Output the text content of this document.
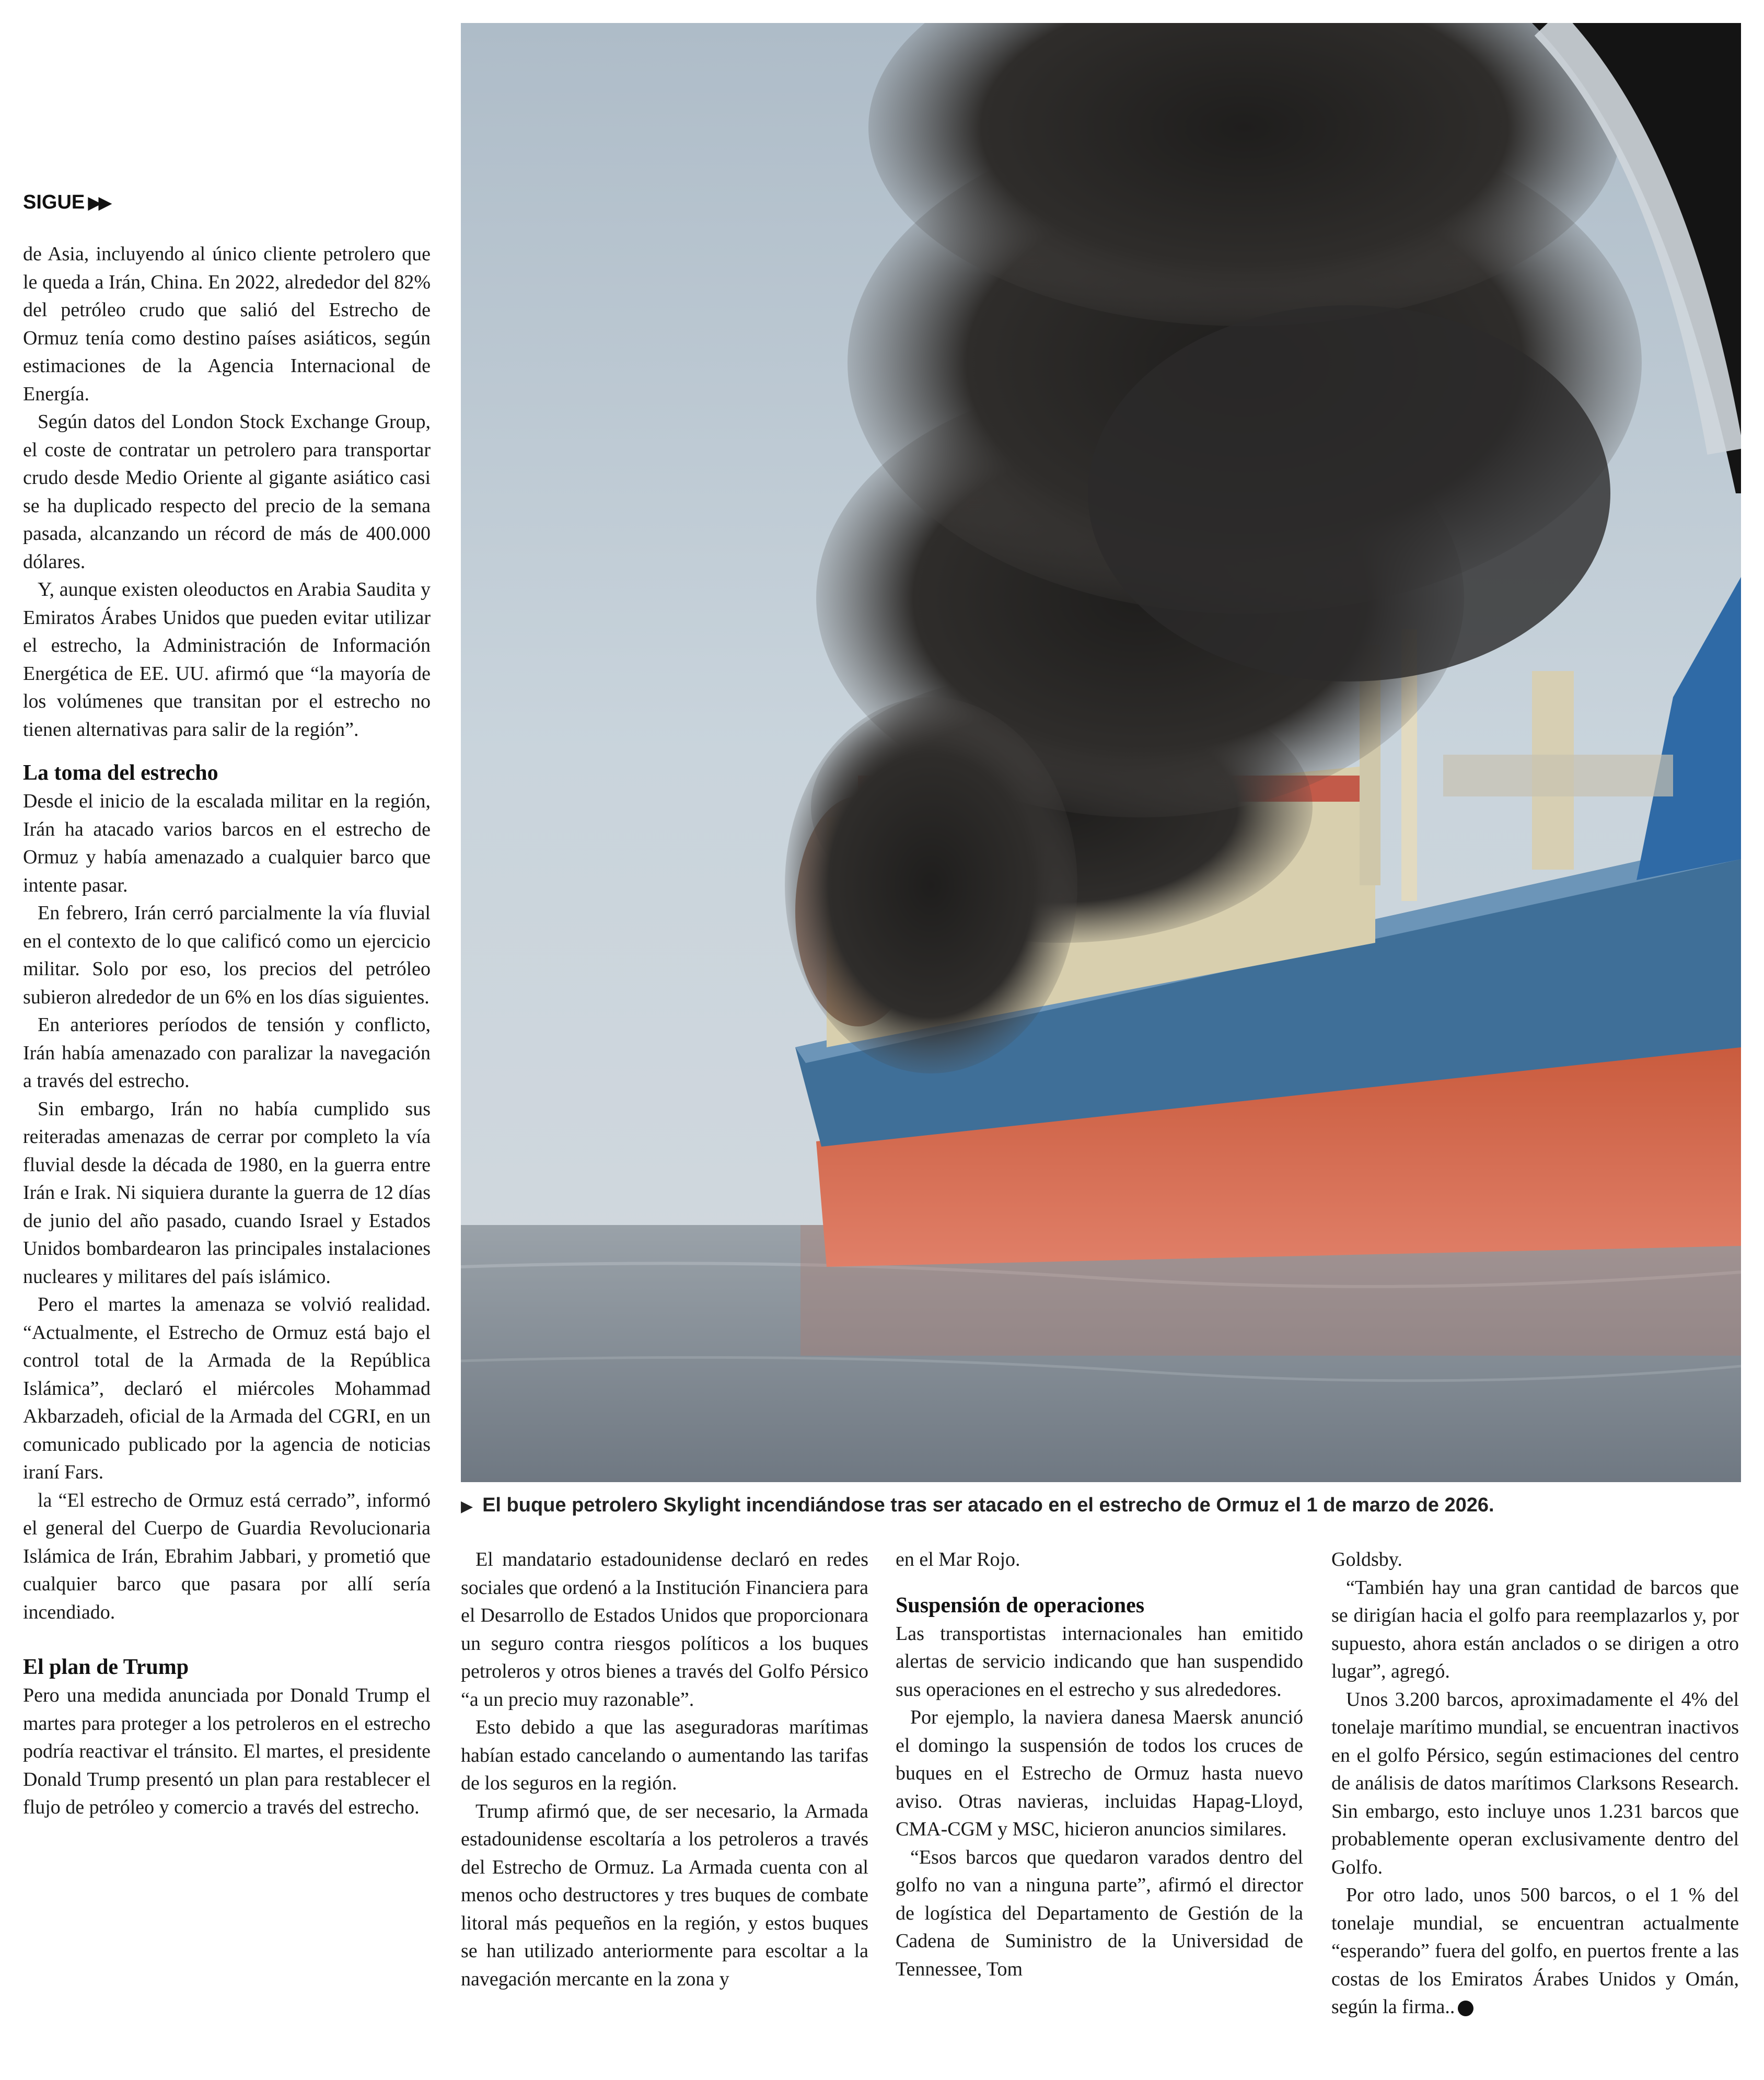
SIGUE ▶▶

de Asia, incluyendo al único cliente petrolero que le queda a Irán, China. En 2022, alrededor del 82% del petróleo crudo que salió del Estrecho de Ormuz tenía como destino países asiáticos, según estimaciones de la Agencia Internacional de Energía.

Según datos del London Stock Exchange Group, el coste de contratar un petrolero para transportar crudo desde Medio Oriente al gigante asiático casi se ha duplicado respecto del precio de la semana pasada, alcanzando un récord de más de 400.000 dólares.

Y, aunque existen oleoductos en Arabia Saudita y Emiratos Árabes Unidos que pueden evitar utilizar el estrecho, la Administración de Información Energética de EE. UU. afirmó que “la mayoría de los volúmenes que transitan por el estrecho no tienen alternativas para salir de la región”.

La toma del estrecho

Desde el inicio de la escalada militar en la región, Irán ha atacado varios barcos en el estrecho de Ormuz y había amenazado a cualquier barco que intente pasar.

En febrero, Irán cerró parcialmente la vía fluvial en el contexto de lo que calificó como un ejercicio militar. Solo por eso, los precios del petróleo subieron alrededor de un 6% en los días siguientes.

En anteriores períodos de tensión y conflicto, Irán había amenazado con paralizar la navegación a través del estrecho.

Sin embargo, Irán no había cumplido sus reiteradas amenazas de cerrar por completo la vía fluvial desde la década de 1980, en la guerra entre Irán e Irak. Ni siquiera durante la guerra de 12 días de junio del año pasado, cuando Israel y Estados Unidos bombardearon las principales instalaciones nucleares y militares del país islámico.

Pero el martes la amenaza se volvió realidad. “Actualmente, el Estrecho de Ormuz está bajo el control total de la Armada de la República Islámica”, declaró el miércoles Mohammad Akbarzadeh, oficial de la Armada del CGRI, en un comunicado publicado por la agencia de noticias iraní Fars.

la “El estrecho de Ormuz está cerrado”, informó el general del Cuerpo de Guardia Revolucionaria Islámica de Irán, Ebrahim Jabbari, y prometió que cualquier barco que pasara por allí sería incendiado.

El plan de Trump

Pero una medida anunciada por Donald Trump el martes para proteger a los petroleros en el estrecho podría reactivar el tránsito. El martes, el presidente Donald Trump presentó un plan para restablecer el flujo de petróleo y comercio a través del estrecho.

▶ El buque petrolero Skylight incendiándose tras ser atacado en el estrecho de Ormuz el 1 de marzo de 2026.

El mandatario estadounidense declaró en redes sociales que ordenó a la Institución Financiera para el Desarrollo de Estados Unidos que proporcionara un seguro contra riesgos políticos a los buques petroleros y otros bienes a través del Golfo Pérsico “a un precio muy razonable”.

Esto debido a que las aseguradoras marítimas habían estado cancelando o aumentando las tarifas de los seguros en la región.

Trump afirmó que, de ser necesario, la Armada estadounidense escoltaría a los petroleros a través del Estrecho de Ormuz. La Armada cuenta con al menos ocho destructores y tres buques de combate litoral más pequeños en la región, y estos buques se han utilizado anteriormente para escoltar a la navegación mercante en la zona y

en el Mar Rojo.

Suspensión de operaciones

Las transportistas internacionales han emitido alertas de servicio indicando que han suspendido sus operaciones en el estrecho y sus alrededores.

Por ejemplo, la naviera danesa Maersk anunció el domingo la suspensión de todos los cruces de buques en el Estrecho de Ormuz hasta nuevo aviso. Otras navieras, incluidas Hapag-Lloyd, CMA-CGM y MSC, hicieron anuncios similares.

“Esos barcos que quedaron varados dentro del golfo no van a ninguna parte”, afirmó el director de logística del Departamento de Gestión de la Cadena de Suministro de la Universidad de Tennessee, Tom

Goldsby.

“También hay una gran cantidad de barcos que se dirigían hacia el golfo para reemplazarlos y, por supuesto, ahora están anclados o se dirigen a otro lugar”, agregó.

Unos 3.200 barcos, aproximadamente el 4% del tonelaje marítimo mundial, se encuentran inactivos en el golfo Pérsico, según estimaciones del centro de análisis de datos marítimos Clarksons Research. Sin embargo, esto incluye unos 1.231 barcos que probablemente operan exclusivamente dentro del Golfo.

Por otro lado, unos 500 barcos, o el 1 % del tonelaje mundial, se encuentran actualmente “esperando” fuera del golfo, en puertos frente a las costas de los Emiratos Árabes Unidos y Omán, según la firma..
